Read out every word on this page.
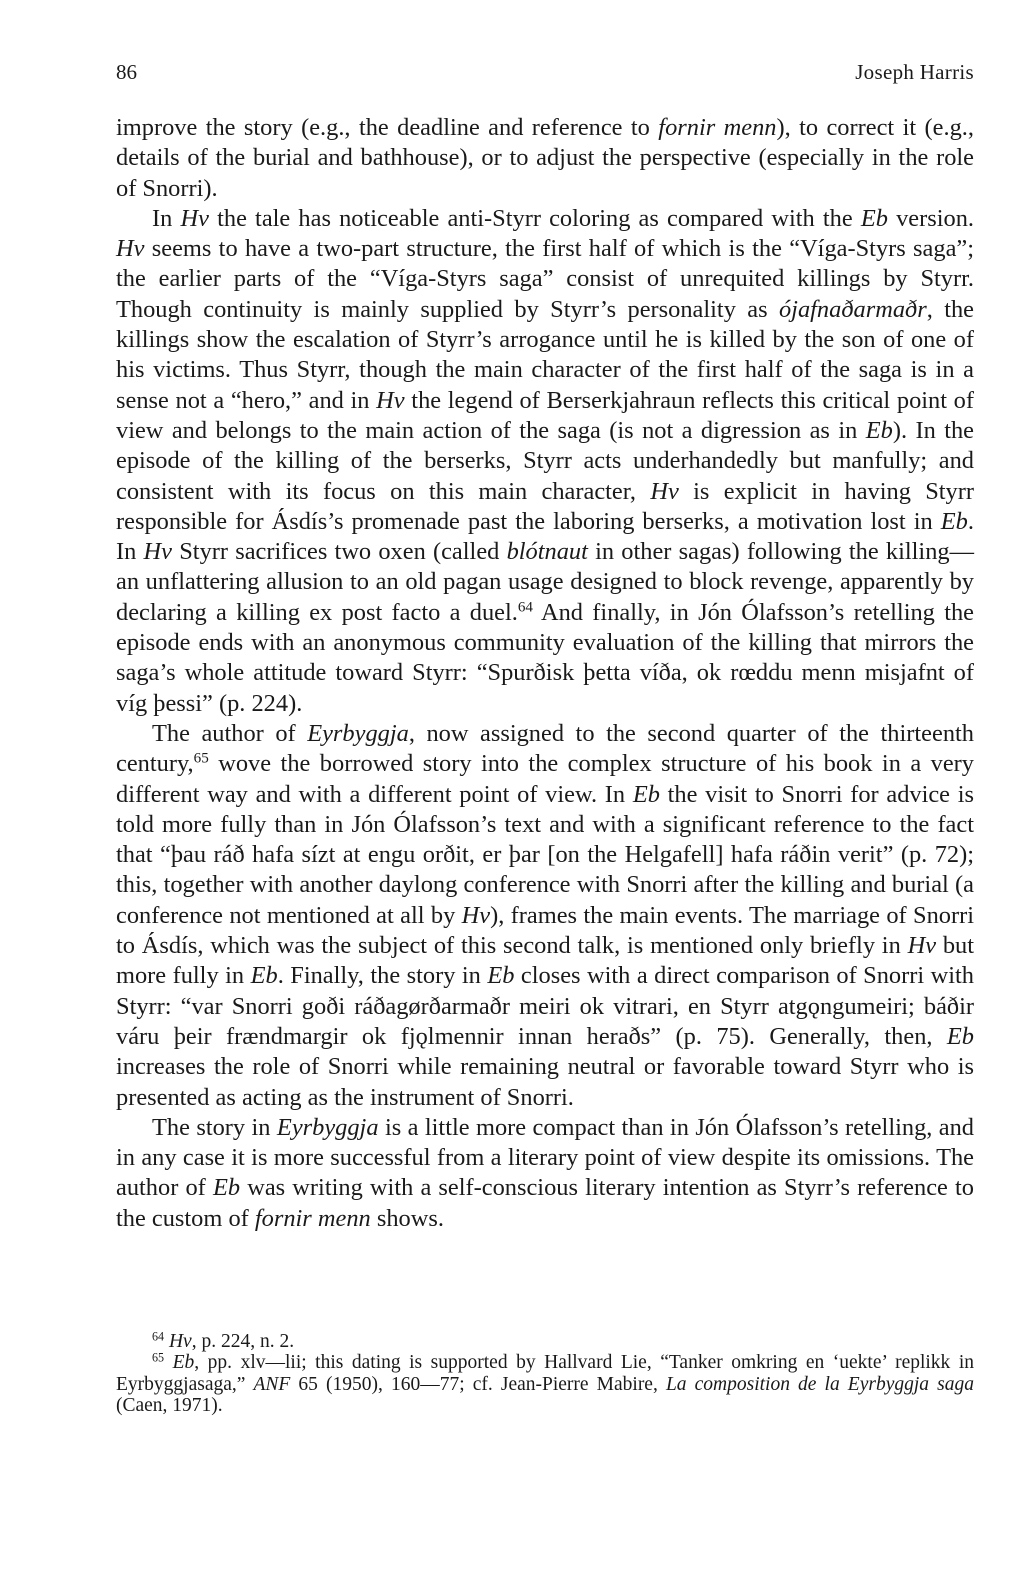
86	Joseph Harris

improve the story (e.g., the deadline and reference to fornir menn), to correct it (e.g., details of the burial and bathhouse), or to adjust the perspective (especially in the role of Snorri).

In Hv the tale has noticeable anti-Styrr coloring as compared with the Eb version. Hv seems to have a two-part structure, the first half of which is the “Víga-Styrs saga”; the earlier parts of the “Víga-Styrs saga” consist of unrequited killings by Styrr. Though continuity is mainly supplied by Styrr’s personality as ójafnaðarmaðr, the killings show the escalation of Styrr’s arrogance until he is killed by the son of one of his victims. Thus Styrr, though the main character of the first half of the saga is in a sense not a “hero,” and in Hv the legend of Berserkjahraun reflects this critical point of view and belongs to the main action of the saga (is not a digression as in Eb). In the episode of the killing of the berserks, Styrr acts underhandedly but manfully; and consistent with its focus on this main character, Hv is explicit in having Styrr responsible for Ásdís’s promenade past the laboring berserks, a motivation lost in Eb. In Hv Styrr sacrifices two oxen (called blótnaut in other sagas) following the killing—an unflattering allusion to an old pagan usage designed to block revenge, apparently by declaring a killing ex post facto a duel.$^{64}$ And finally, in Jón Ólafsson’s retelling the episode ends with an anonymous community evaluation of the killing that mirrors the saga’s whole attitude toward Styrr: “Spurðisk þetta víða, ok rœddu menn misjafnt of víg þessi” (p. 224).

The author of Eyrbyggja, now assigned to the second quarter of the thirteenth century,$^{65}$ wove the borrowed story into the complex structure of his book in a very different way and with a different point of view. In Eb the visit to Snorri for advice is told more fully than in Jón Ólafsson’s text and with a significant reference to the fact that “þau ráð hafa sízt at engu orðit, er þar [on the Helgafell] hafa ráðin verit” (p. 72); this, together with another daylong conference with Snorri after the killing and burial (a conference not mentioned at all by Hv), frames the main events. The marriage of Snorri to Ásdís, which was the subject of this second talk, is mentioned only briefly in Hv but more fully in Eb. Finally, the story in Eb closes with a direct comparison of Snorri with Styrr: “var Snorri goði ráðagørðarmaðr meiri ok vitrari, en Styrr atgǫngumeiri; báðir váru þeir frændmargir ok fjǫlmennir innan heraðs” (p. 75). Generally, then, Eb increases the role of Snorri while remaining neutral or favorable toward Styrr who is presented as acting as the instrument of Snorri.

The story in Eyrbyggja is a little more compact than in Jón Ólafsson’s retelling, and in any case it is more successful from a literary point of view despite its omissions. The author of Eb was writing with a self-conscious literary intention as Styrr’s reference to the custom of fornir menn shows.

$^{64}$ Hv, p. 224, n. 2.

$^{65}$ Eb, pp. xlv—lii; this dating is supported by Hallvard Lie, “Tanker omkring en ‘uekte’ replikk in Eyrbyggjasaga,” ANF 65 (1950), 160—77; cf. Jean-Pierre Mabire, La composition de la Eyrbyggja saga (Caen, 1971).
